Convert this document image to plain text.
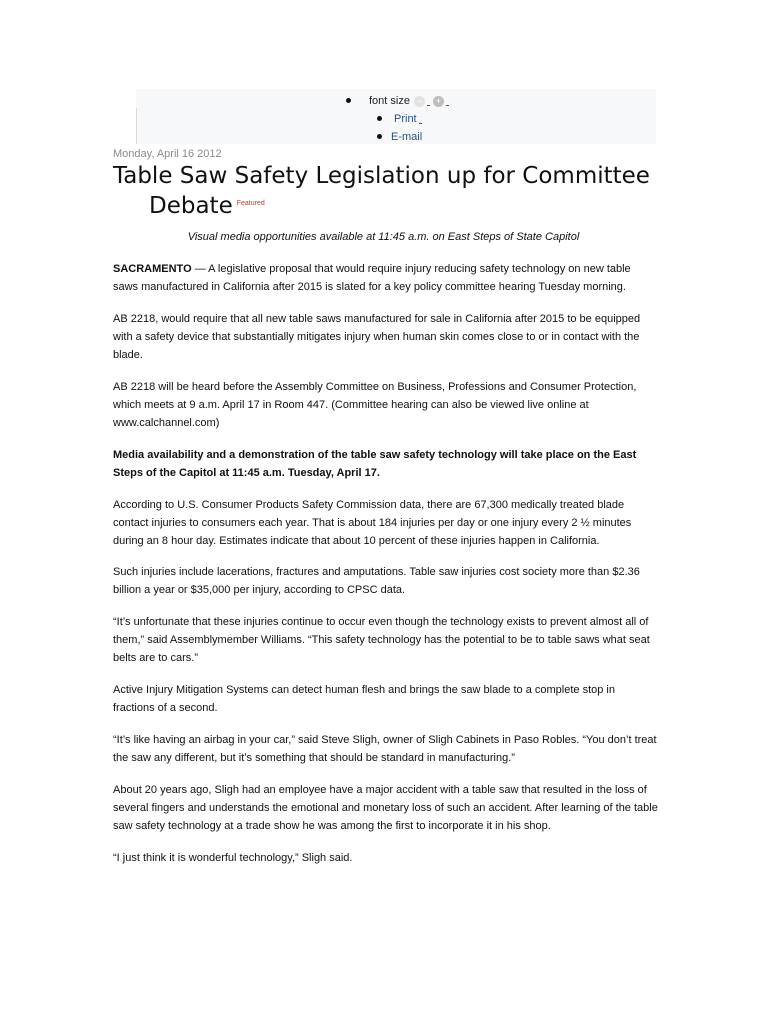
font size −	+
Print
E-mail
Monday, April 16 2012
Table Saw Safety Legislation up for Committee
Debate $^{Featured}$

Visual media opportunities available at 11:45 a.m. on East Steps of State Capitol

SACRAMENTO — A legislative proposal that would require injury reducing safety technology on new table saws manufactured in California after 2015 is slated for a key policy committee hearing Tuesday morning.

AB 2218, would require that all new table saws manufactured for sale in California after 2015 to be equipped with a safety device that substantially mitigates injury when human skin comes close to or in contact with the blade.

AB 2218 will be heard before the Assembly Committee on Business, Professions and Consumer Protection, which meets at 9 a.m. April 17 in Room 447. (Committee hearing can also be viewed live online at www.calchannel.com)

Media availability and a demonstration of the table saw safety technology will take place on the East Steps of the Capitol at 11:45 a.m. Tuesday, April 17.

According to U.S. Consumer Products Safety Commission data, there are 67,300 medically treated blade contact injuries to consumers each year. That is about 184 injuries per day or one injury every 2 ½ minutes during an 8 hour day. Estimates indicate that about 10 percent of these injuries happen in California.

Such injuries include lacerations, fractures and amputations. Table saw injuries cost society more than $2.36 billion a year or $35,000 per injury, according to CPSC data.

“It’s unfortunate that these injuries continue to occur even though the technology exists to prevent almost all of them,” said Assemblymember Williams. “This safety technology has the potential to be to table saws what seat belts are to cars.”

Active Injury Mitigation Systems can detect human flesh and brings the saw blade to a complete stop in fractions of a second.

“It’s like having an airbag in your car,” said Steve Sligh, owner of Sligh Cabinets in Paso Robles. “You don’t treat the saw any different, but it’s something that should be standard in manufacturing.”

About 20 years ago, Sligh had an employee have a major accident with a table saw that resulted in the loss of several fingers and understands the emotional and monetary loss of such an accident. After learning of the table saw safety technology at a trade show he was among the first to incorporate it in his shop.

“I just think it is wonderful technology,” Sligh said.
